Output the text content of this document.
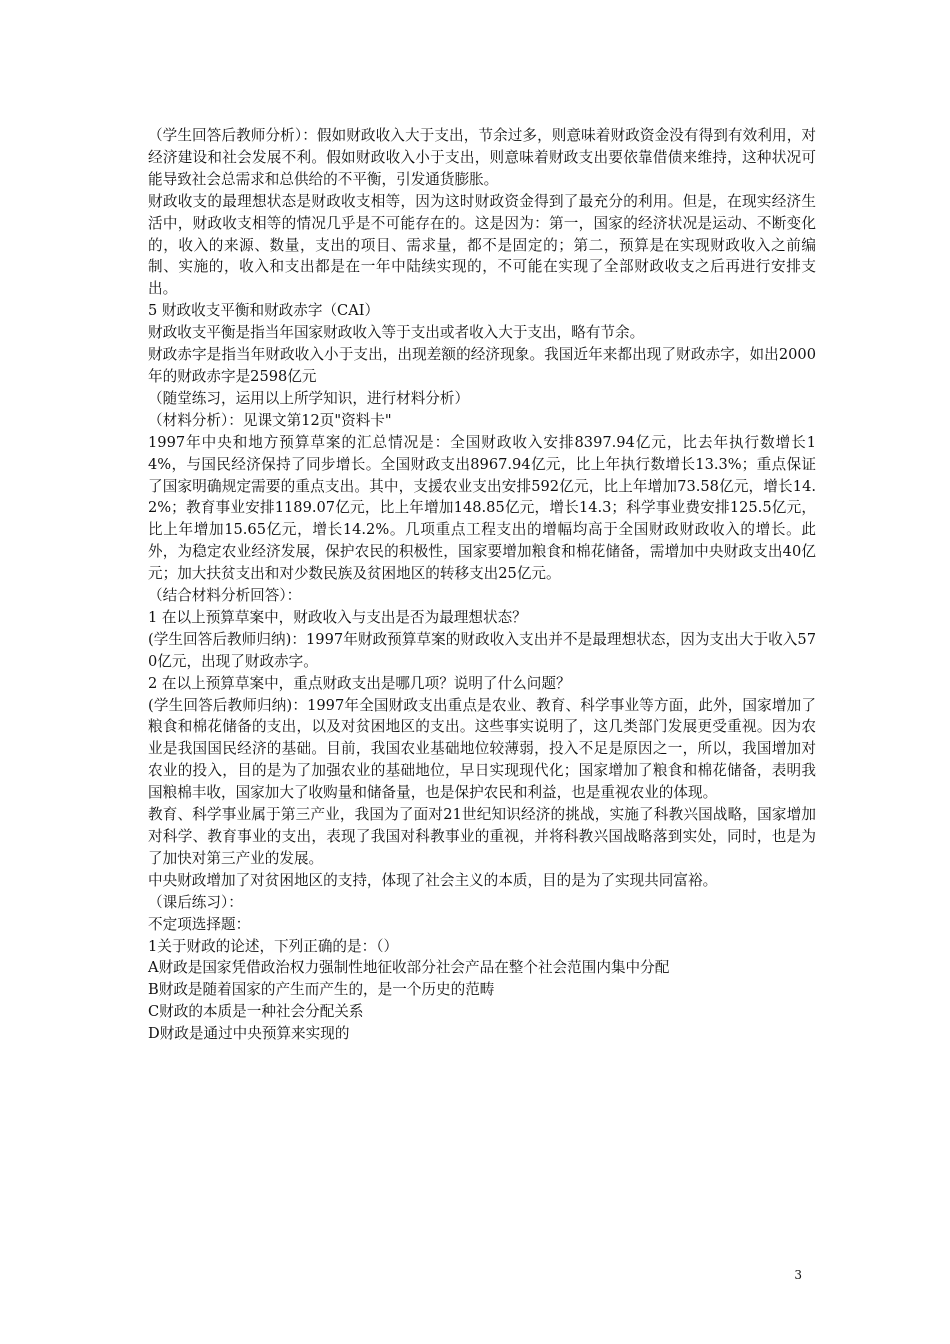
（学生回答后教师分析）：假如财政收入大于支出，节余过多，则意味着财政资金没有得到有效利用，对经济建设和社会发展不利。假如财政收入小于支出，则意味着财政支出要依靠借债来维持，这种状况可能导致社会总需求和总供给的不平衡，引发通货膨胀。

财政收支的最理想状态是财政收支相等，因为这时财政资金得到了最充分的利用。但是，在现实经济生活中，财政收支相等的情况几乎是不可能存在的。这是因为：第一，国家的经济状况是运动、不断变化的，收入的来源、数量，支出的项目、需求量，都不是固定的；第二，预算是在实现财政收入之前编制、实施的，收入和支出都是在一年中陆续实现的，不可能在实现了全部财政收支之后再进行安排支出。

5 财政收支平衡和财政赤字（CAI）

财政收支平衡是指当年国家财政收入等于支出或者收入大于支出，略有节余。

财政赤字是指当年财政收入小于支出，出现差额的经济现象。我国近年来都出现了财政赤字，如出2000年的财政赤字是2598亿元

（随堂练习，运用以上所学知识，进行材料分析）

（材料分析）：见课文第12页"资料卡"

1997年中央和地方预算草案的汇总情况是：全国财政收入安排8397.94亿元，比去年执行数增长14%，与国民经济保持了同步增长。全国财政支出8967.94亿元，比上年执行数增长13.3%；重点保证了国家明确规定需要的重点支出。其中，支援农业支出安排592亿元，比上年增加73.58亿元，增长14.2%；教育事业安排1189.07亿元，比上年增加148.85亿元，增长14.3；科学事业费安排125.5亿元，比上年增加15.65亿元，增长14.2%。几项重点工程支出的增幅均高于全国财政财政收入的增长。此外，为稳定农业经济发展，保护农民的积极性，国家要增加粮食和棉花储备，需增加中央财政支出40亿元；加大扶贫支出和对少数民族及贫困地区的转移支出25亿元。

（结合材料分析回答）：

1 在以上预算草案中，财政收入与支出是否为最理想状态？

(学生回答后教师归纳)：1997年财政预算草案的财政收入支出并不是最理想状态，因为支出大于收入570亿元，出现了财政赤字。

2 在以上预算草案中，重点财政支出是哪几项？说明了什么问题？

(学生回答后教师归纳)：1997年全国财政支出重点是农业、教育、科学事业等方面，此外，国家增加了粮食和棉花储备的支出，以及对贫困地区的支出。这些事实说明了，这几类部门发展更受重视。因为农业是我国国民经济的基础。目前，我国农业基础地位较薄弱，投入不足是原因之一，所以，我国增加对农业的投入，目的是为了加强农业的基础地位，早日实现现代化；国家增加了粮食和棉花储备，表明我国粮棉丰收，国家加大了收购量和储备量，也是保护农民和利益，也是重视农业的体现。

教育、科学事业属于第三产业，我国为了面对21世纪知识经济的挑战，实施了科教兴国战略，国家增加对科学、教育事业的支出，表现了我国对科教事业的重视，并将科教兴国战略落到实处，同时，也是为了加快对第三产业的发展。

中央财政增加了对贫困地区的支持，体现了社会主义的本质，目的是为了实现共同富裕。

（课后练习）：

不定项选择题：

1关于财政的论述，下列正确的是：（）

A财政是国家凭借政治权力强制性地征收部分社会产品在整个社会范围内集中分配

B财政是随着国家的产生而产生的，是一个历史的范畴

C财政的本质是一种社会分配关系

D财政是通过中央预算来实现的

3
